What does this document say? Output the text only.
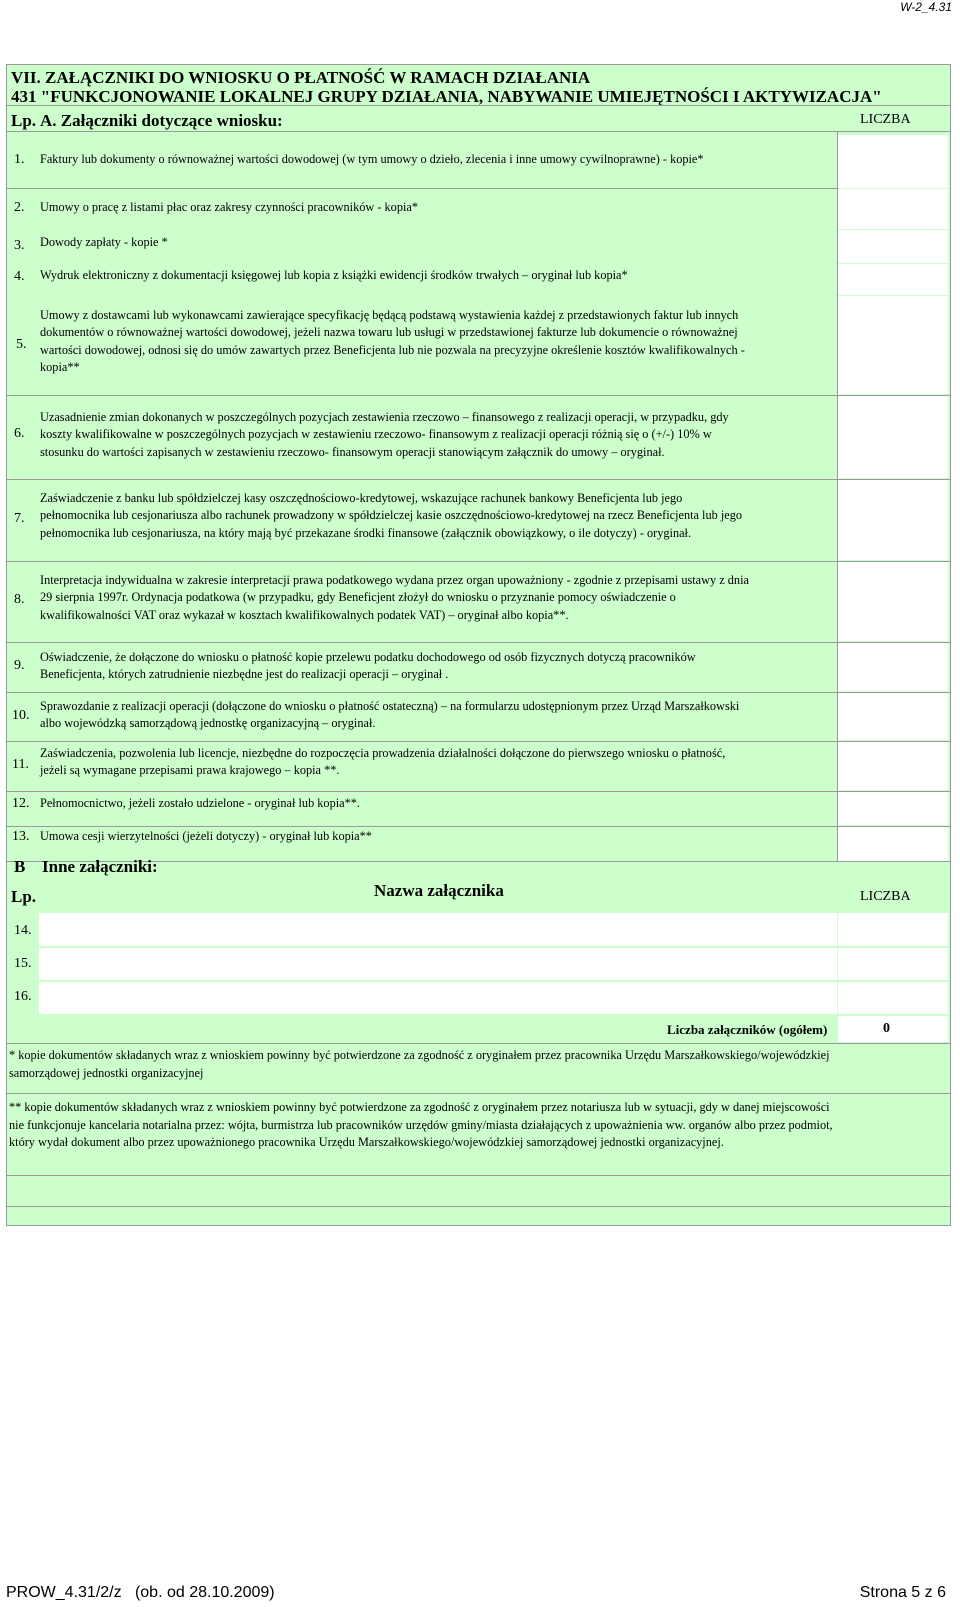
W-2_4.31
VII. ZAŁĄCZNIKI DO WNIOSKU O PŁATNOŚĆ W RAMACH DZIAŁANIA
431 "FUNKCJONOWANIE LOKALNEJ GRUPY DZIAŁANIA, NABYWANIE UMIEJĘTNOŚCI I AKTYWIZACJA"
Lp. A. Załączniki dotyczące wniosku:	LICZBA
1. Faktury lub dokumenty o równoważnej wartości dowodowej (w tym umowy o dzieło, zlecenia i inne umowy cywilnoprawne) - kopie*
2. Umowy o pracę z listami płac oraz zakresy czynności pracowników - kopia*
3. Dowody zapłaty - kopie *
4. Wydruk elektroniczny z dokumentacji księgowej lub kopia z książki ewidencji środków trwałych – oryginał lub kopia*
5.
Umowy z dostawcami lub wykonawcami zawierające specyfikację będącą podstawą wystawienia każdej z przedstawionych faktur lub innych
dokumentów o równoważnej wartości dowodowej, jeżeli nazwa towaru lub usługi w przedstawionej fakturze lub dokumencie o równoważnej
wartości dowodowej, odnosi się do umów zawartych przez Beneficjenta lub nie pozwala na precyzyjne określenie kosztów kwalifikowalnych -
kopia**
6.
Uzasadnienie zmian dokonanych w poszczególnych pozycjach zestawienia rzeczowo – finansowego z realizacji operacji, w przypadku, gdy
koszty kwalifikowalne w poszczególnych pozycjach w zestawieniu rzeczowo- finansowym z realizacji operacji różnią się o (+/-) 10% w
stosunku do wartości zapisanych w zestawieniu rzeczowo- finansowym operacji stanowiącym załącznik do umowy – oryginał.
7.
Zaświadczenie z banku lub spółdzielczej kasy oszczędnościowo-kredytowej, wskazujące rachunek bankowy Beneficjenta lub jego
pełnomocnika lub cesjonariusza albo rachunek prowadzony w spółdzielczej kasie oszczędnościowo-kredytowej na rzecz Beneficjenta lub jego
pełnomocnika lub cesjonariusza, na który mają być przekazane środki finansowe (załącznik obowiązkowy, o ile dotyczy) - oryginał.
8.
Interpretacja indywidualna w zakresie interpretacji prawa podatkowego wydana przez organ upoważniony - zgodnie z przepisami ustawy z dnia
29 sierpnia 1997r. Ordynacja podatkowa (w przypadku, gdy Beneficjent złożył do wniosku o przyznanie pomocy oświadczenie o
kwalifikowalności VAT oraz wykazał w kosztach kwalifikowalnych podatek VAT) – oryginał albo kopia**.
9.
Oświadczenie, że dołączone do wniosku o płatność kopie przelewu podatku dochodowego od osób fizycznych dotyczą pracowników
Beneficjenta, których zatrudnienie niezbędne jest do realizacji operacji – oryginał .
10.
Sprawozdanie z realizacji operacji (dołączone do wniosku o płatność ostateczną) – na formularzu udostępnionym przez Urząd Marszałkowski
albo wojewódzką samorządową jednostkę organizacyjną – oryginał.
11.
Zaświadczenia, pozwolenia lub licencje, niezbędne do rozpoczęcia prowadzenia działalności dołączone do pierwszego wniosku o płatność,
jeżeli są wymagane przepisami prawa krajowego – kopia **.
12. Pełnomocnictwo, jeżeli zostało udzielone - oryginał lub kopia**.
13. Umowa cesji wierzytelności (jeżeli dotyczy) - oryginał lub kopia**
B Inne załączniki:
Lp.	Nazwa załącznika	LICZBA
14.
15.
16.
Liczba załączników (ogółem)	0
* kopie dokumentów składanych wraz z wnioskiem powinny być potwierdzone za zgodność z oryginałem przez pracownika Urzędu Marszałkowskiego/wojewódzkiej
samorządowej jednostki organizacyjnej
** kopie dokumentów składanych wraz z wnioskiem powinny być potwierdzone za zgodność z oryginałem przez notariusza lub w sytuacji, gdy w danej miejscowości
nie funkcjonuje kancelaria notarialna przez: wójta, burmistrza lub pracowników urzędów gminy/miasta działających z upoważnienia ww. organów albo przez podmiot,
który wydał dokument albo przez upoważnionego pracownika Urzędu Marszałkowskiego/wojewódzkiej samorządowej jednostki organizacyjnej.
PROW_4.31/2/z   (ob. od 28.10.2009)	Strona 5 z 6
